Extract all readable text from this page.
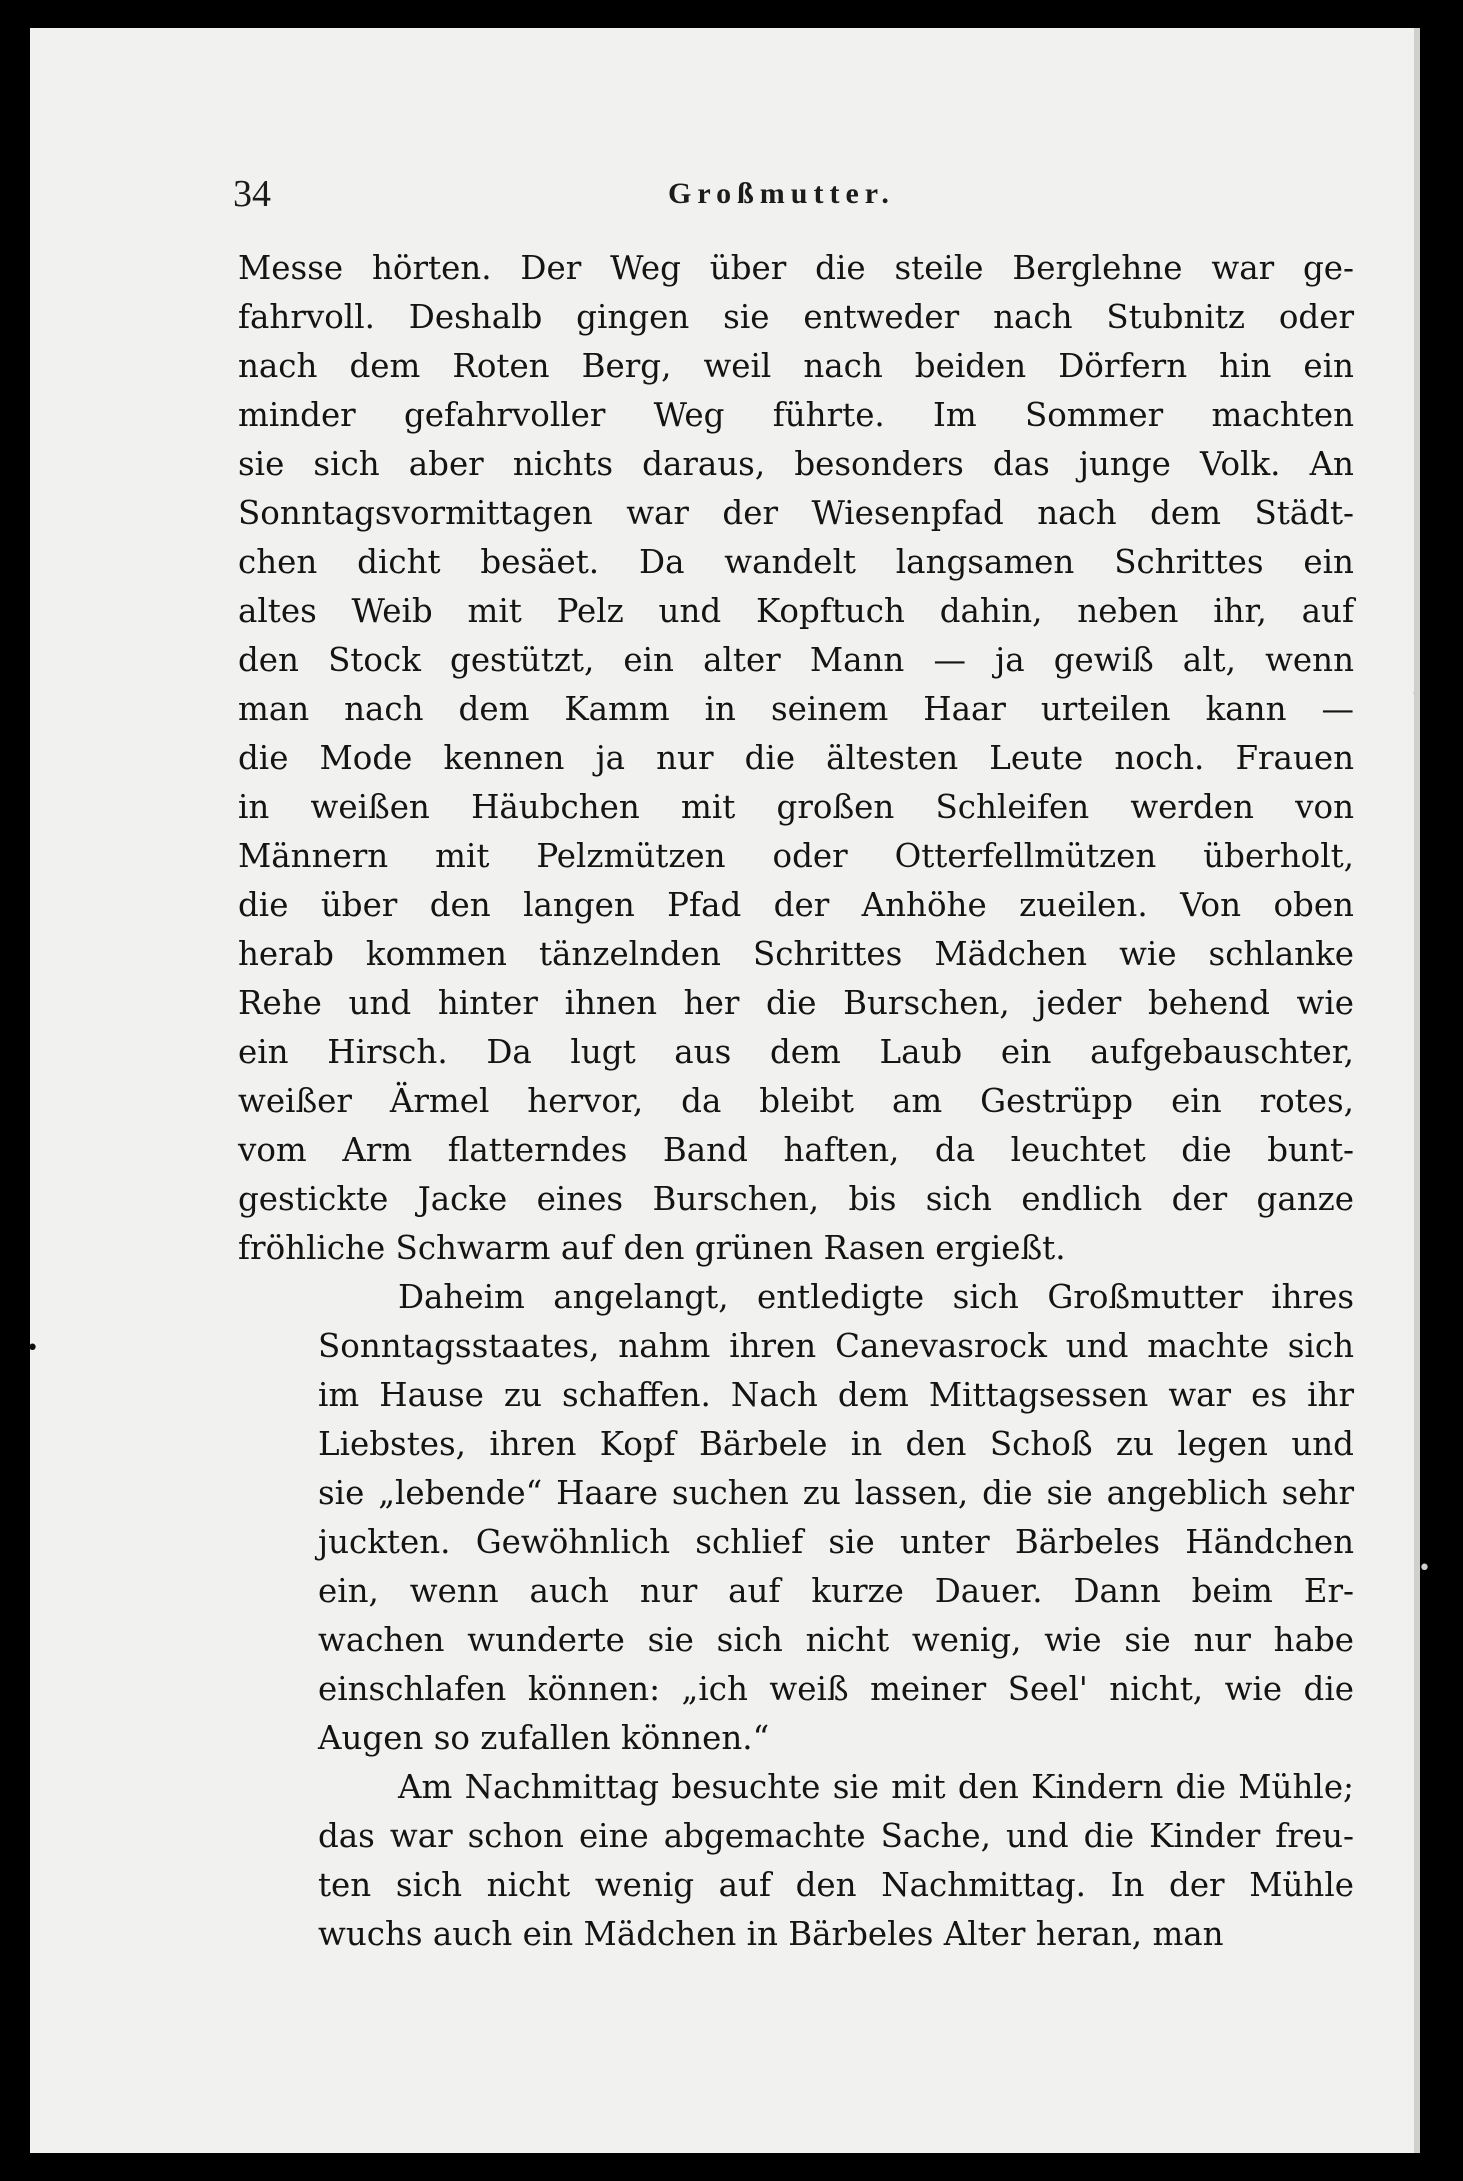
-
•
•
34	Großmutter.

Messe hörten. Der Weg über die steile Berglehne war ge-
fahrvoll. Deshalb gingen sie entweder nach Stubnitz oder
nach dem Roten Berg, weil nach beiden Dörfern hin ein
minder gefahrvoller Weg führte. Im Sommer machten
sie sich aber nichts daraus, besonders das junge Volk. An
Sonntagsvormittagen war der Wiesenpfad nach dem Städt-
chen dicht besäet. Da wandelt langsamen Schrittes ein
altes Weib mit Pelz und Kopftuch dahin, neben ihr, auf
den Stock gestützt, ein alter Mann — ja gewiß alt, wenn
man nach dem Kamm in seinem Haar urteilen kann —
die Mode kennen ja nur die ältesten Leute noch. Frauen
in weißen Häubchen mit großen Schleifen werden von
Männern mit Pelzmützen oder Otterfellmützen überholt,
die über den langen Pfad der Anhöhe zueilen. Von oben
herab kommen tänzelnden Schrittes Mädchen wie schlanke
Rehe und hinter ihnen her die Burschen, jeder behend wie
ein Hirsch. Da lugt aus dem Laub ein aufgebauschter,
weißer Ärmel hervor, da bleibt am Gestrüpp ein rotes,
vom Arm flatterndes Band haften, da leuchtet die bunt-
gestickte Jacke eines Burschen, bis sich endlich der ganze
fröhliche Schwarm auf den grünen Rasen ergießt.

Daheim angelangt, entledigte sich Großmutter ihres
Sonntagsstaates, nahm ihren Canevasrock und machte sich
im Hause zu schaffen. Nach dem Mittagsessen war es ihr
Liebstes, ihren Kopf Bärbele in den Schoß zu legen und
sie „lebende“ Haare suchen zu lassen, die sie angeblich sehr
juckten. Gewöhnlich schlief sie unter Bärbeles Händchen
ein, wenn auch nur auf kurze Dauer. Dann beim Er-
wachen wunderte sie sich nicht wenig, wie sie nur habe
einschlafen können: „ich weiß meiner Seel' nicht, wie die
Augen so zufallen können.“

Am Nachmittag besuchte sie mit den Kindern die Mühle;
das war schon eine abgemachte Sache, und die Kinder freu-
ten sich nicht wenig auf den Nachmittag. In der Mühle
wuchs auch ein Mädchen in Bärbeles Alter heran, man
